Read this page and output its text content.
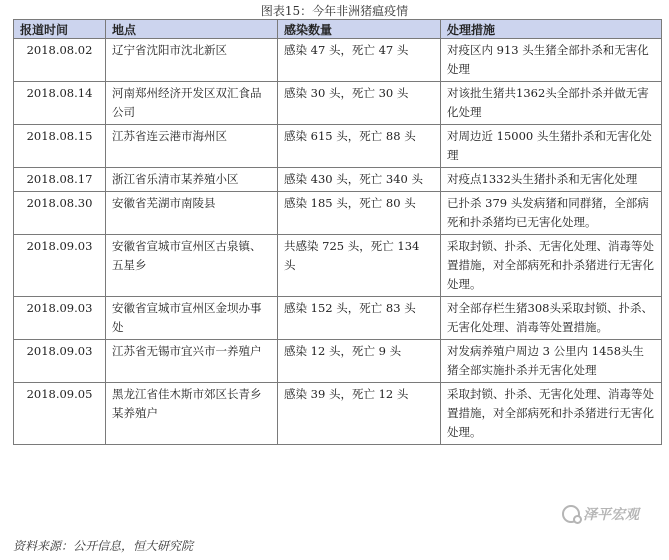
图表15：今年非洲猪瘟疫情
报道时间	地点	感染数量	处理措施
2018.08.02	辽宁省沈阳市沈北新区	感染 47 头，死亡 47 头	对疫区内 913 头生猪全部扑杀和无害化处理
2018.08.14	河南郑州经济开发区双汇食品公司	感染 30 头，死亡 30 头	对该批生猪共1362头全部扑杀并做无害化处理
2018.08.15	江苏省连云港市海州区	感染 615 头，死亡 88 头	对周边近 15000 头生猪扑杀和无害化处理
2018.08.17	浙江省乐清市某养殖小区	感染 430 头，死亡 340 头	对疫点1332头生猪扑杀和无害化处理
2018.08.30	安徽省芜湖市南陵县	感染 185 头，死亡 80 头	已扑杀 379 头发病猪和同群猪，全部病死和扑杀猪均已无害化处理。
2018.09.03	安徽省宣城市宣州区古泉镇、五星乡	共感染 725 头，死亡 134 头	采取封锁、扑杀、无害化处理、消毒等处置措施，对全部病死和扑杀猪进行无害化处理。
2018.09.03	安徽省宣城市宣州区金坝办事处	感染 152 头，死亡 83 头	对全部存栏生猪308头采取封锁、扑杀、无害化处理、消毒等处置措施。
2018.09.03	江苏省无锡市宜兴市一养殖户	感染 12 头，死亡 9 头	对发病养殖户周边 3 公里内 1458头生猪全部实施扑杀并无害化处理
2018.09.05	黑龙江省佳木斯市郊区长青乡某养殖户	感染 39 头，死亡 12 头	采取封锁、扑杀、无害化处理、消毒等处置措施，对全部病死和扑杀猪进行无害化处理。
资料来源：公开信息，恒大研究院
泽平宏观
